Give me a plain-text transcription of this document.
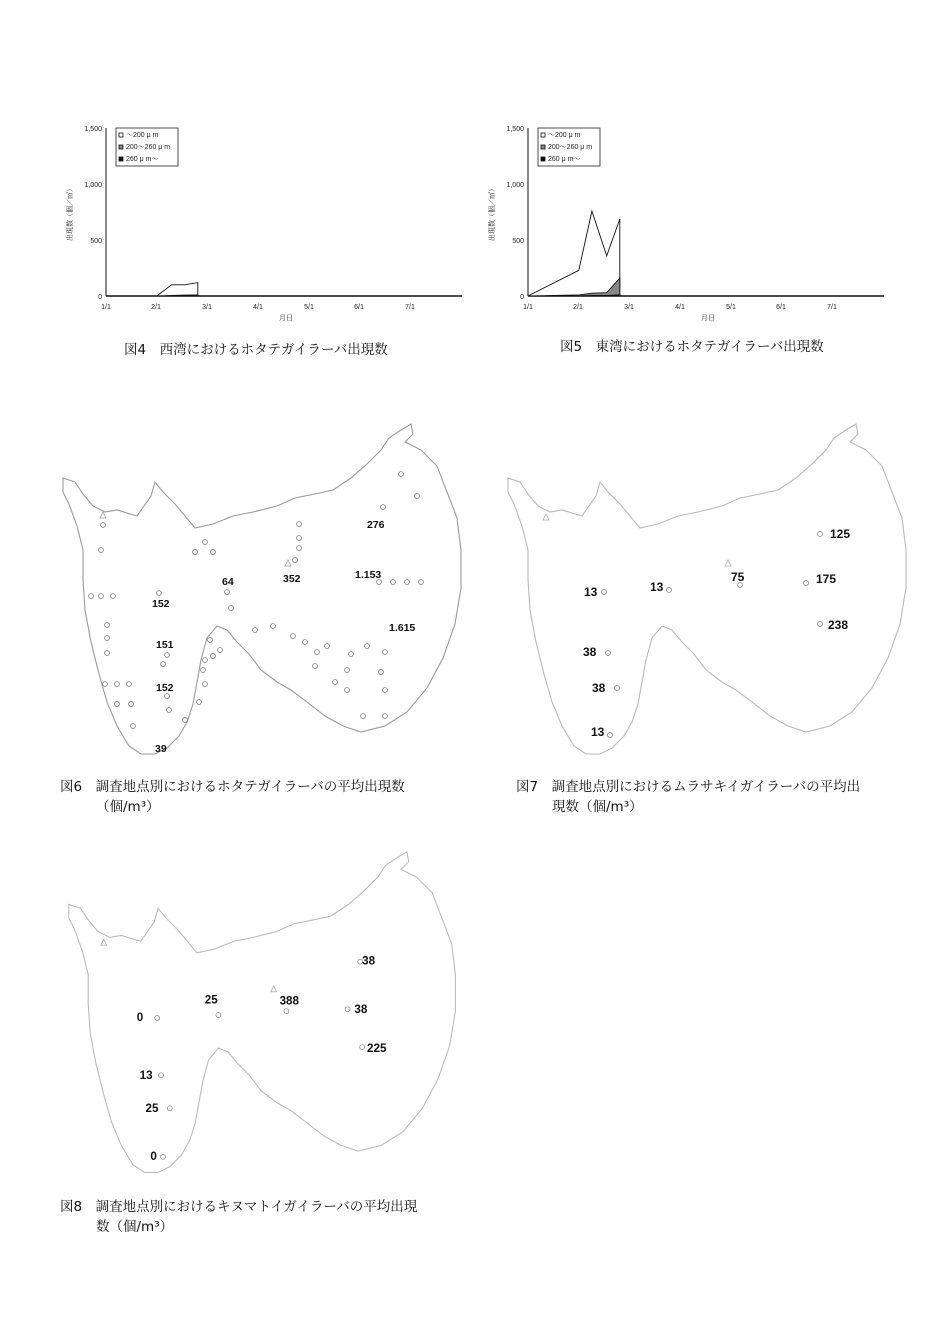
出現数（個／㎥）
月日
0
500
1,000
1,500
1/1	2/1	3/1	4/1	5/1	6/1	7/1
〜200 μ m
200〜260 μ m
260 μ m〜
図4　西湾におけるホタテガイラーバ出現数
出現数（個／㎥）
月日
0
500
1,000
1,500
1/1	2/1	3/1	4/1	5/1	6/1	7/1
〜200 μ m
200〜260 μ m
260 μ m〜
図5　東湾におけるホタテガイラーバ出現数
276
64	352	1.153
152
151
1.615
152
39
図6　調査地点別におけるホタテガイラーバの平均出現数
（個/m³）
125
13	13
75	175
238
38
38
13
図7　調査地点別におけるムラサキイガイラーバの平均出
現数（個/m³）
38
0
25	388
38
225
13
25
0
図8　調査地点別におけるキヌマトイガイラーバの平均出現
数（個/m³）
